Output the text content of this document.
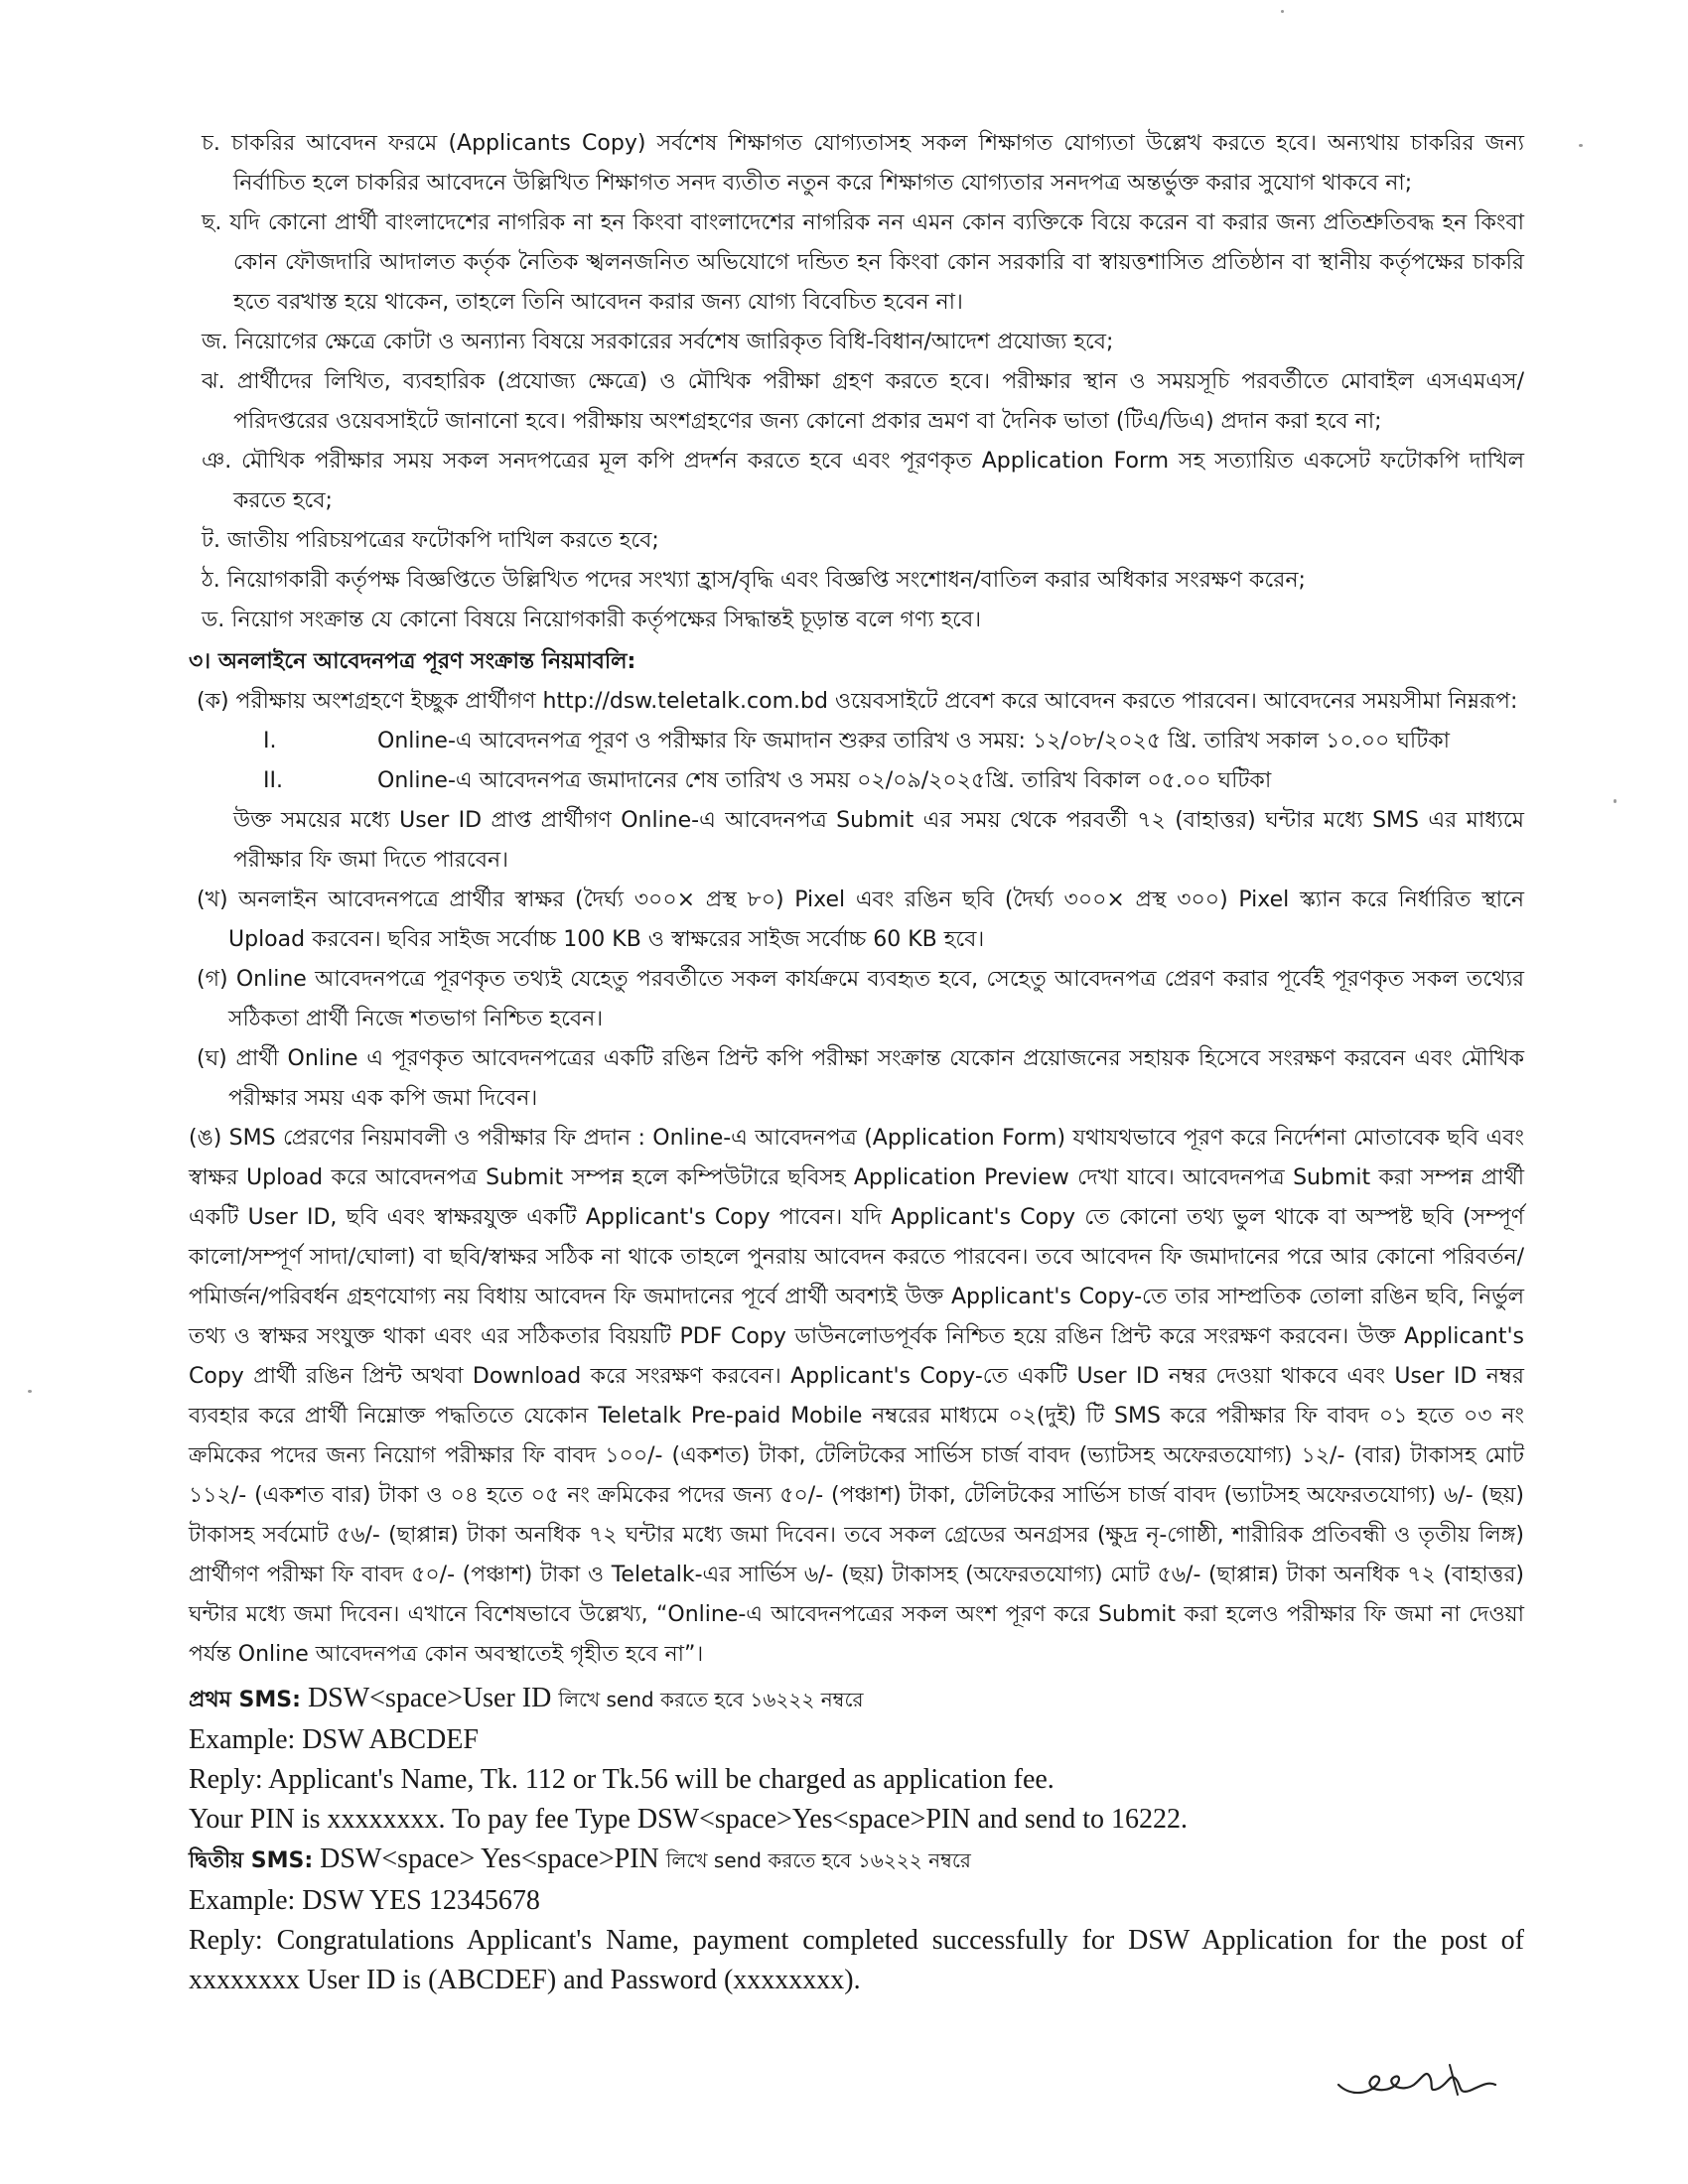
চ. চাকরির আবেদন ফরমে (Applicants Copy) সর্বশেষ শিক্ষাগত যোগ্যতাসহ সকল শিক্ষাগত যোগ্যতা উল্লেখ করতে হবে। অন্যথায় চাকরির জন্য নির্বাচিত হলে চাকরির আবেদনে উল্লিখিত শিক্ষাগত সনদ ব্যতীত নতুন করে শিক্ষাগত যোগ্যতার সনদপত্র অন্তর্ভুক্ত করার সুযোগ থাকবে না;

ছ. যদি কোনো প্রার্থী বাংলাদেশের নাগরিক না হন কিংবা বাংলাদেশের নাগরিক নন এমন কোন ব্যক্তিকে বিয়ে করেন বা করার জন্য প্রতিশ্রুতিবদ্ধ হন কিংবা কোন ফৌজদারি আদালত কর্তৃক নৈতিক স্খলনজনিত অভিযোগে দন্ডিত হন কিংবা কোন সরকারি বা স্বায়ত্তশাসিত প্রতিষ্ঠান বা স্থানীয় কর্তৃপক্ষের চাকরি হতে বরখাস্ত হয়ে থাকেন, তাহলে তিনি আবেদন করার জন্য যোগ্য বিবেচিত হবেন না।

জ. নিয়োগের ক্ষেত্রে কোটা ও অন্যান্য বিষয়ে সরকারের সর্বশেষ জারিকৃত বিধি-বিধান/আদেশ প্রযোজ্য হবে;

ঝ. প্রার্থীদের লিখিত, ব্যবহারিক (প্রযোজ্য ক্ষেত্রে) ও মৌখিক পরীক্ষা গ্রহণ করতে হবে। পরীক্ষার স্থান ও সময়সূচি পরবর্তীতে মোবাইল এসএমএস/পরিদপ্তরের ওয়েবসাইটে জানানো হবে। পরীক্ষায় অংশগ্রহণের জন্য কোনো প্রকার ভ্রমণ বা দৈনিক ভাতা (টিএ/ডিএ) প্রদান করা হবে না;

ঞ. মৌখিক পরীক্ষার সময় সকল সনদপত্রের মূল কপি প্রদর্শন করতে হবে এবং পূরণকৃত Application Form সহ সত্যায়িত একসেট ফটোকপি দাখিল করতে হবে;

ট. জাতীয় পরিচয়পত্রের ফটোকপি দাখিল করতে হবে;

ঠ. নিয়োগকারী কর্তৃপক্ষ বিজ্ঞপ্তিতে উল্লিখিত পদের সংখ্যা হ্রাস/বৃদ্ধি এবং বিজ্ঞপ্তি সংশোধন/বাতিল করার অধিকার সংরক্ষণ করেন;

ড. নিয়োগ সংক্রান্ত যে কোনো বিষয়ে নিয়োগকারী কর্তৃপক্ষের সিদ্ধান্তই চূড়ান্ত বলে গণ্য হবে।

৩। অনলাইনে আবেদনপত্র পূরণ সংক্রান্ত নিয়মাবলি:

(ক) পরীক্ষায় অংশগ্রহণে ইচ্ছুক প্রার্থীগণ http://dsw.teletalk.com.bd ওয়েবসাইটে প্রবেশ করে আবেদন করতে পারবেন। আবেদনের সময়সীমা নিম্নরূপ:

I.	Online-এ আবেদনপত্র পূরণ ও পরীক্ষার ফি জমাদান শুরুর তারিখ ও সময়: ১২/০৮/২০২৫ খ্রি. তারিখ সকাল ১০.০০ ঘটিকা

II.	Online-এ আবেদনপত্র জমাদানের শেষ তারিখ ও সময় ০২/০৯/২০২৫খ্রি. তারিখ বিকাল ০৫.০০ ঘটিকা

উক্ত সময়ের মধ্যে User ID প্রাপ্ত প্রার্থীগণ Online-এ আবেদনপত্র Submit এর সময় থেকে পরবর্তী ৭২ (বাহাত্তর) ঘন্টার মধ্যে SMS এর মাধ্যমে পরীক্ষার ফি জমা দিতে পারবেন।

(খ) অনলাইন আবেদনপত্রে প্রার্থীর স্বাক্ষর (দৈর্ঘ্য ৩০০× প্রস্থ ৮০) Pixel এবং রঙিন ছবি (দৈর্ঘ্য ৩০০× প্রস্থ ৩০০) Pixel স্ক্যান করে নির্ধারিত স্থানে Upload করবেন। ছবির সাইজ সর্বোচ্চ 100 KB ও স্বাক্ষরের সাইজ সর্বোচ্চ 60 KB হবে।

(গ) Online আবেদনপত্রে পূরণকৃত তথ্যই যেহেতু পরবর্তীতে সকল কার্যক্রমে ব্যবহৃত হবে, সেহেতু আবেদনপত্র প্রেরণ করার পূর্বেই পূরণকৃত সকল তথ্যের সঠিকতা প্রার্থী নিজে শতভাগ নিশ্চিত হবেন।

(ঘ) প্রার্থী Online এ পূরণকৃত আবেদনপত্রের একটি রঙিন প্রিন্ট কপি পরীক্ষা সংক্রান্ত যেকোন প্রয়োজনের সহায়ক হিসেবে সংরক্ষণ করবেন এবং মৌখিক পরীক্ষার সময় এক কপি জমা দিবেন।

(ঙ) SMS প্রেরণের নিয়মাবলী ও পরীক্ষার ফি প্রদান : Online-এ আবেদনপত্র (Application Form) যথাযথভাবে পূরণ করে নির্দেশনা মোতাবেক ছবি এবং স্বাক্ষর Upload করে আবেদনপত্র Submit সম্পন্ন হলে কম্পিউটারে ছবিসহ Application Preview দেখা যাবে। আবেদনপত্র Submit করা সম্পন্ন প্রার্থী একটি User ID, ছবি এবং স্বাক্ষরযুক্ত একটি Applicant's Copy পাবেন। যদি Applicant's Copy তে কোনো তথ্য ভুল থাকে বা অস্পষ্ট ছবি (সম্পূর্ণ কালো/সম্পূর্ণ সাদা/ঘোলা) বা ছবি/স্বাক্ষর সঠিক না থাকে তাহলে পুনরায় আবেদন করতে পারবেন। তবে আবেদন ফি জমাদানের পরে আর কোনো পরিবর্তন/পমিার্জন/পরিবর্ধন গ্রহণযোগ্য নয় বিধায় আবেদন ফি জমাদানের পূর্বে প্রার্থী অবশ্যই উক্ত Applicant's Copy-তে তার সাম্প্রতিক তোলা রঙিন ছবি, নির্ভুল তথ্য ও স্বাক্ষর সংযুক্ত থাকা এবং এর সঠিকতার বিয়য়টি PDF Copy ডাউনলোডপূর্বক নিশ্চিত হয়ে রঙিন প্রিন্ট করে সংরক্ষণ করবেন। উক্ত Applicant's Copy প্রার্থী রঙিন প্রিন্ট অথবা Download করে সংরক্ষণ করবেন। Applicant's Copy-তে একটি User ID নম্বর দেওয়া থাকবে এবং User ID নম্বর ব্যবহার করে প্রার্থী নিম্নোক্ত পদ্ধতিতে যেকোন Teletalk Pre-paid Mobile নম্বরের মাধ্যমে ০২(দুই) টি SMS করে পরীক্ষার ফি বাবদ ০১ হতে ০৩ নং ক্রমিকের পদের জন্য নিয়োগ পরীক্ষার ফি বাবদ ১০০/- (একশত) টাকা, টেলিটকের সার্ভিস চার্জ বাবদ (ভ্যাটসহ অফেরতযোগ্য) ১২/- (বার) টাকাসহ মোট ১১২/- (একশত বার) টাকা ও ০৪ হতে ০৫ নং ক্রমিকের পদের জন্য ৫০/- (পঞ্চাশ) টাকা, টেলিটকের সার্ভিস চার্জ বাবদ (ভ্যাটসহ অফেরতযোগ্য) ৬/- (ছয়) টাকাসহ সর্বমোট ৫৬/- (ছাপ্পান্ন) টাকা অনধিক ৭২ ঘন্টার মধ্যে জমা দিবেন। তবে সকল গ্রেডের অনগ্রসর (ক্ষুদ্র নৃ-গোষ্ঠী, শারীরিক প্রতিবন্ধী ও তৃতীয় লিঙ্গ) প্রার্থীগণ পরীক্ষা ফি বাবদ ৫০/- (পঞ্চাশ) টাকা ও Teletalk-এর সার্ভিস ৬/- (ছয়) টাকাসহ (অফেরতযোগ্য) মোট ৫৬/- (ছাপ্পান্ন) টাকা অনধিক ৭২ (বাহাত্তর) ঘন্টার মধ্যে জমা দিবেন। এখানে বিশেষভাবে উল্লেখ্য, “Online-এ আবেদনপত্রের সকল অংশ পূরণ করে Submit করা হলেও পরীক্ষার ফি জমা না দেওয়া পর্যন্ত Online আবেদনপত্র কোন অবস্থাতেই গৃহীত হবে না”।

প্রথম SMS: DSW<space>User ID লিখে send করতে হবে ১৬২২২ নম্বরে

Example: DSW ABCDEF

Reply: Applicant's Name, Tk. 112 or Tk.56 will be charged as application fee.

Your PIN is xxxxxxxx. To pay fee Type DSW<space>Yes<space>PIN and send to 16222.

দ্বিতীয় SMS: DSW<space> Yes<space>PIN লিখে send করতে হবে ১৬২২২ নম্বরে

Example: DSW YES 12345678

Reply: Congratulations Applicant's Name, payment completed successfully for DSW Application for the post of xxxxxxxx User ID is (ABCDEF) and Password (xxxxxxxx).
